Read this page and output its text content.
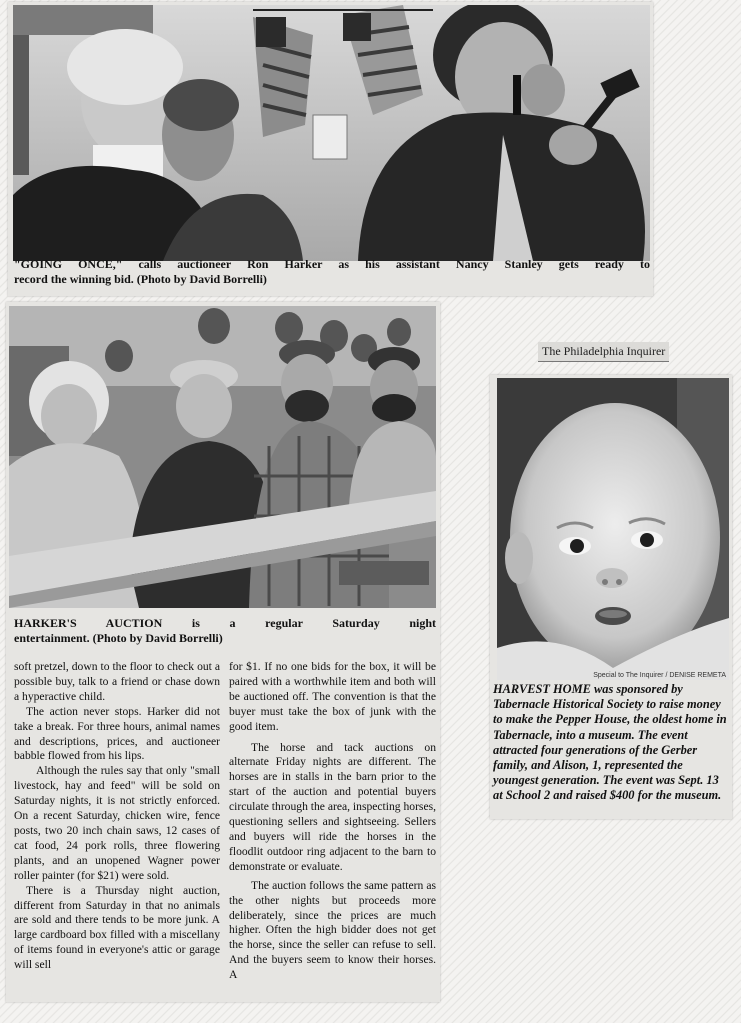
"GOING ONCE," calls auctioneer Ron Harker as his assistant Nancy Stanley gets ready to
record the winning bid. (Photo by David Borrelli)
HARKER'S AUCTION is a regular Saturday night
entertainment. (Photo by David Borrelli)

soft pretzel, down to the floor to check out a possible buy, talk to a friend or chase down a hyperactive child.

The action never stops. Harker did not take a break. For three hours, animal names and descriptions, prices, and auctioneer babble flowed from his lips.

Although the rules say that only "small livestock, hay and feed" will be sold on Saturday nights, it is not strictly enforced. On a recent Saturday, chicken wire, fence posts, two 20 inch chain saws, 12 cases of cat food, 24 pork rolls, three flowering plants, and an unopened Wagner power roller painter (for $21) were sold.

There is a Thursday night auction, different from Saturday in that no animals are sold and there tends to be more junk. A large cardboard box filled with a miscellany of items found in everyone's attic or garage will sell

for $1. If no one bids for the box, it will be paired with a worthwhile item and both will be auctioned off. The convention is that the buyer must take the box of junk with the good item.

The horse and tack auctions on alternate Friday nights are different. The horses are in stalls in the barn prior to the start of the auction and potential buyers circulate through the area, inspecting horses, questioning sellers and sightseeing. Sellers and buyers will ride the horses in the floodlit outdoor ring adjacent to the barn to demonstrate or evaluate.

The auction follows the same pattern as the other nights but proceeds more deliberately, since the prices are much higher. Often the high bidder does not get the horse, since the seller can refuse to sell. And the buyers seem to know their horses. A

The Philadelphia Inquirer
Special to The Inquirer / DENISE REMETA
HARVEST HOME was sponsored by Tabernacle Historical Society to raise money to make the Pepper House, the oldest home in Tabernacle, into a museum. The event attracted four generations of the Gerber family, and Alison, 1, represented the youngest generation. The event was Sept. 13 at School 2 and raised $400 for the museum.
